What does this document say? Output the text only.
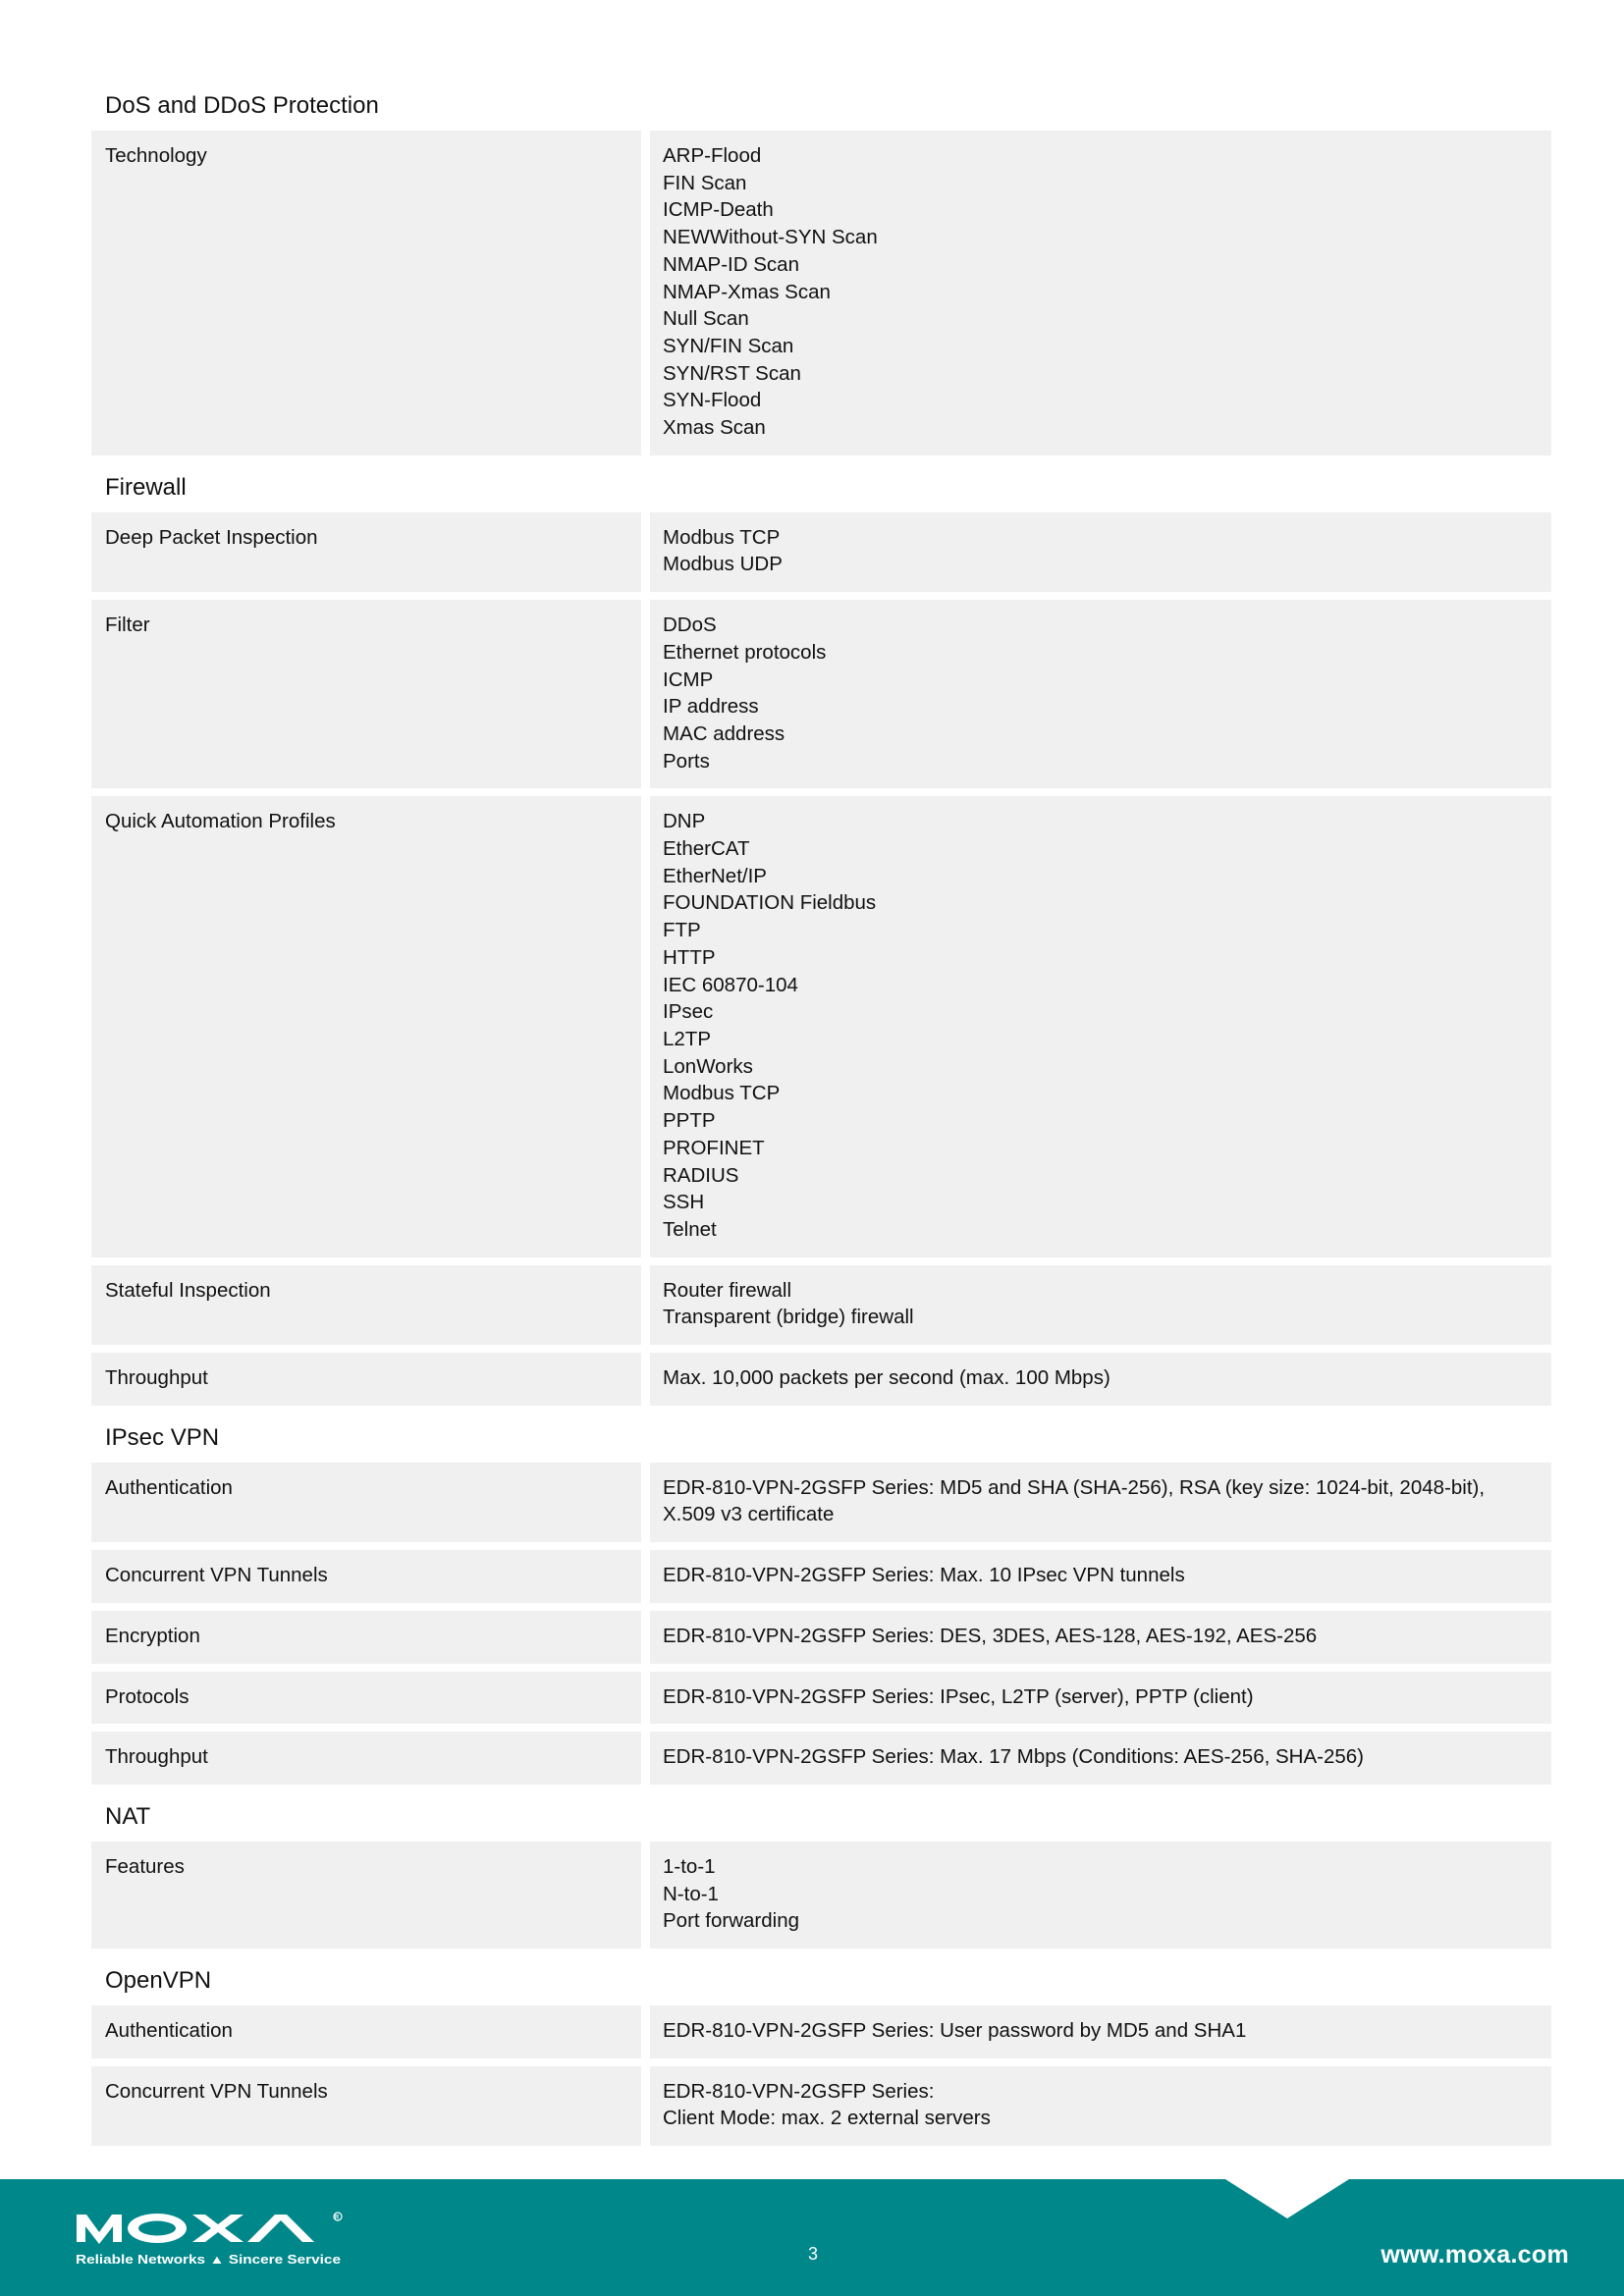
DoS and DDoS Protection
Technology	ARP-Flood
FIN Scan
ICMP-Death
NEWWithout-SYN Scan
NMAP-ID Scan
NMAP-Xmas Scan
Null Scan
SYN/FIN Scan
SYN/RST Scan
SYN-Flood
Xmas Scan
Firewall
Deep Packet Inspection	Modbus TCP
Modbus UDP
Filter	DDoS
Ethernet protocols
ICMP
IP address
MAC address
Ports
Quick Automation Profiles	DNP
EtherCAT
EtherNet/IP
FOUNDATION Fieldbus
FTP
HTTP
IEC 60870-104
IPsec
L2TP
LonWorks
Modbus TCP
PPTP
PROFINET
RADIUS
SSH
Telnet
Stateful Inspection	Router firewall
Transparent (bridge) firewall
Throughput	Max. 10,000 packets per second (max. 100 Mbps)
IPsec VPN
Authentication	EDR-810-VPN-2GSFP Series: MD5 and SHA (SHA-256), RSA (key size: 1024-bit, 2048-bit), X.509 v3 certificate
Concurrent VPN Tunnels	EDR-810-VPN-2GSFP Series: Max. 10 IPsec VPN tunnels
Encryption	EDR-810-VPN-2GSFP Series: DES, 3DES, AES-128, AES-192, AES-256
Protocols	EDR-810-VPN-2GSFP Series: IPsec, L2TP (server), PPTP (client)
Throughput	EDR-810-VPN-2GSFP Series: Max. 17 Mbps (Conditions: AES-256, SHA-256)
NAT
Features	1-to-1
N-to-1
Port forwarding
OpenVPN
Authentication	EDR-810-VPN-2GSFP Series: User password by MD5 and SHA1
Concurrent VPN Tunnels	EDR-810-VPN-2GSFP Series:
Client Mode: max. 2 external servers
R
Reliable Networks ▲ Sincere Service	3	www.moxa.com
